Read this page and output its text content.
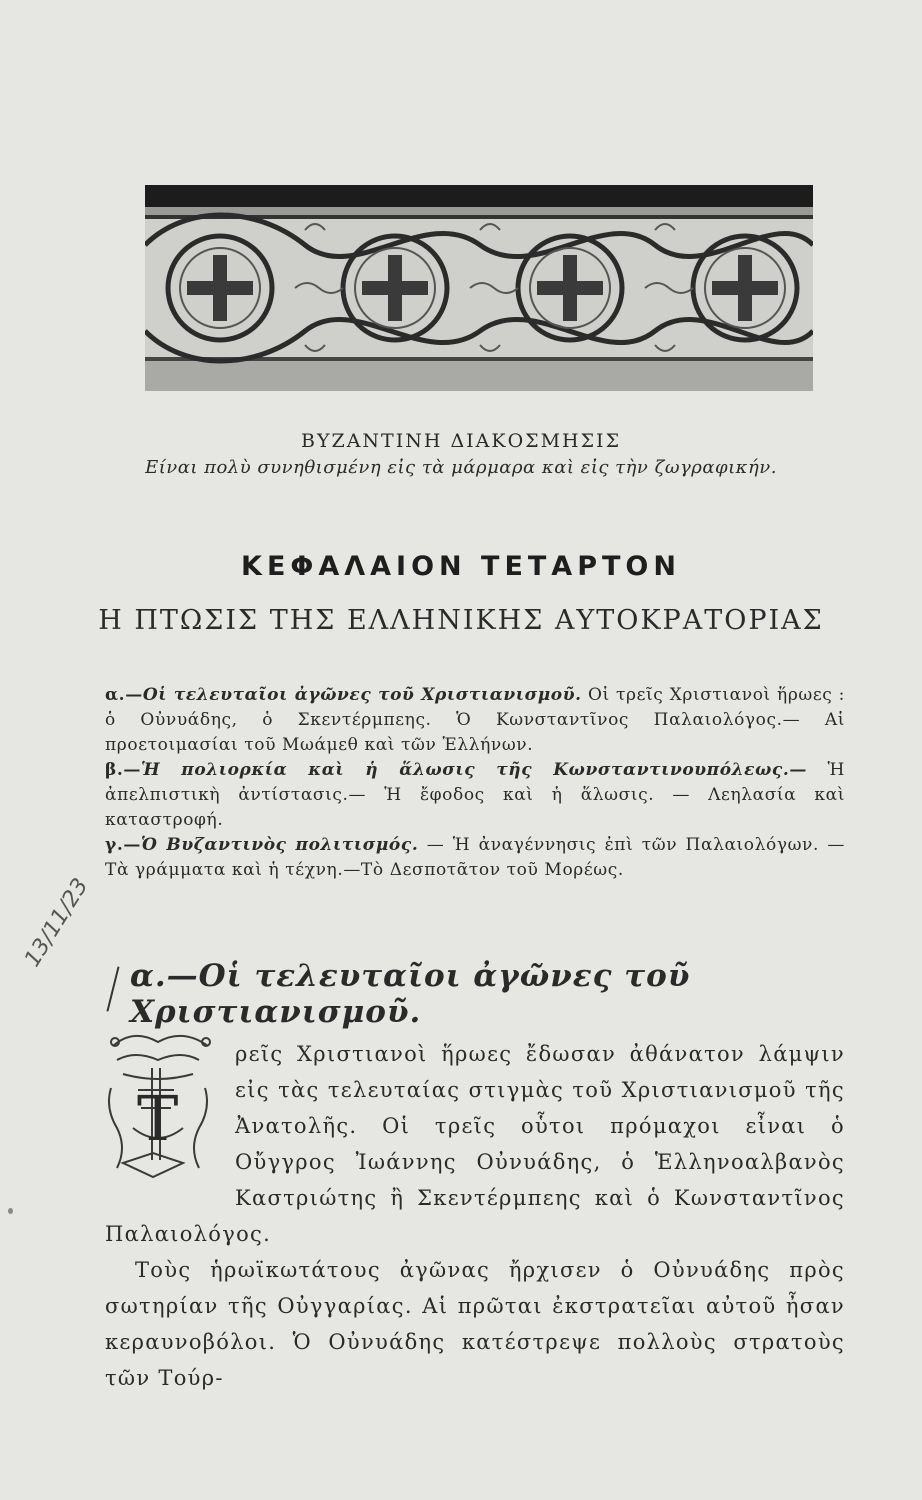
ΒΥΖΑΝΤΙΝΗ ΔΙΑΚΟΣΜΗΣΙΣ
Είναι πολὺ συνηθισμένη εἰς τὰ μάρμαρα καὶ εἰς τὴν ζωγραφικήν.
ΚΕΦΑΛΑΙΟΝ ΤΕΤΑΡΤΟΝ
Η ΠΤΩΣΙΣ ΤΗΣ ΕΛΛΗΝΙΚΗΣ ΑΥΤΟΚΡΑΤΟΡΙΑΣ

α.—Οἱ τελευταῖοι ἀγῶνες τοῦ Χριστιανισμοῦ. Οἱ τρεῖς Χριστιανοὶ ἥρωες : ὁ Οὐνυάδης, ὁ Σκεντέρμπεης. Ὁ Κωνσταντῖνος Παλαιολόγος.— Αἱ προετοιμασίαι τοῦ Μωάμεθ καὶ τῶν Ἑλλήνων.

β.—Ἡ πολιορκία καὶ ἡ ἅλωσις τῆς Κωνσταντινουπόλεως.— Ἡ ἀπελπιστικὴ ἀντίστασις.— Ἡ ἔφοδος καὶ ἡ ἅλωσις. — Λεηλασία καὶ καταστροφή.

γ.—Ὁ Βυζαντινὸς πολιτισμός. — Ἡ ἀναγέννησις ἐπὶ τῶν Παλαιολόγων. —Τὰ γράμματα καὶ ἡ τέχνη.—Τὸ Δεσποτᾶτον τοῦ Μορέως.

13/11/23
α.—Οἱ τελευταῖοι ἀγῶνες τοῦ Χριστιανισμοῦ.
Τ

ρεῖς Χριστιανοὶ ἥρωες ἔδωσαν ἀθάνατον λάμψιν εἰς τὰς τελευταίας στιγμὰς τοῦ Χριστιανισμοῦ τῆς Ἀνατολῆς. Οἱ τρεῖς οὗτοι πρόμαχοι εἶναι ὁ Οὔγγρος Ἰωάννης Οὐνυάδης, ὁ Ἑλληνοαλβανὸς Καστριώτης ἢ Σκεντέρμπεης καὶ ὁ Κωνσταντῖνος Παλαιολόγος.

Τοὺς ἡρωϊκωτάτους ἀγῶνας ἤρχισεν ὁ Οὐνυάδης πρὸς σωτηρίαν τῆς Οὐγγαρίας. Αἱ πρῶται ἐκστρατεῖαι αὐτοῦ ἦσαν κεραυνοβόλοι. Ὁ Οὐνυάδης κατέστρεψε πολλοὺς στρατοὺς τῶν Τούρ-
